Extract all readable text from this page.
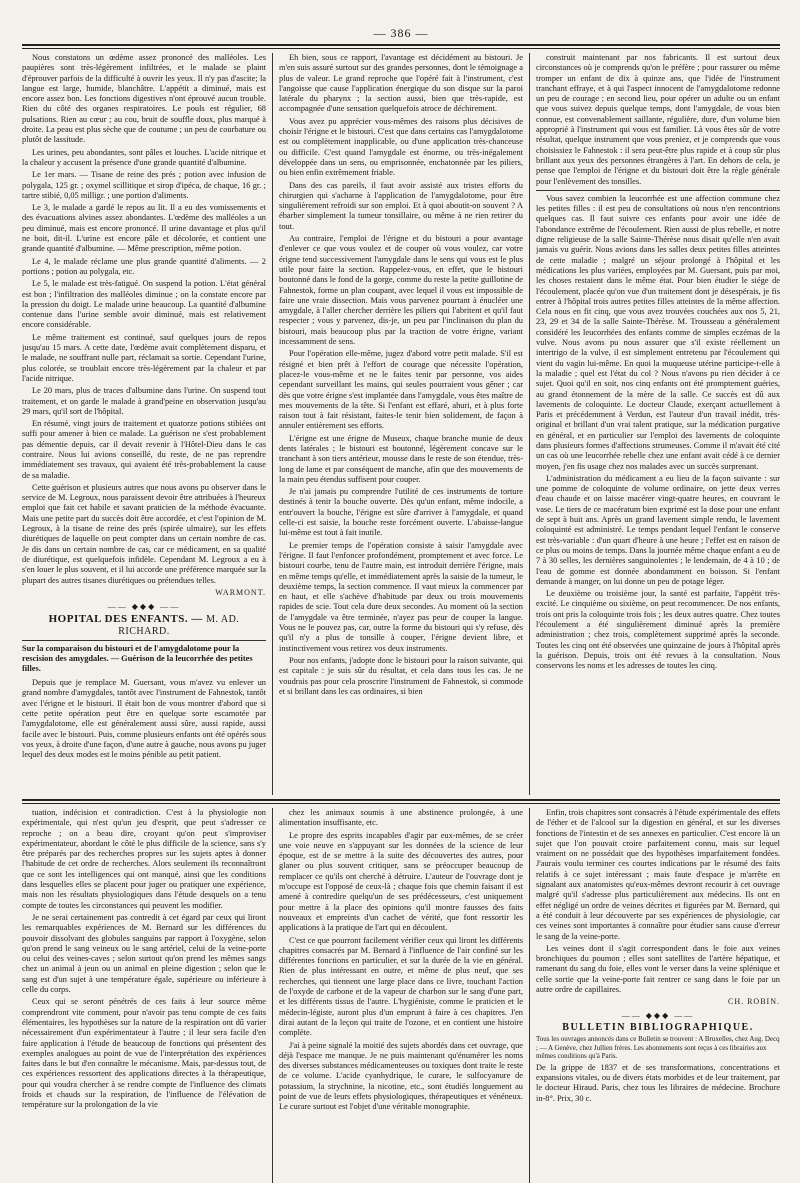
— 386 —

Nous constatons un œdème assez prononcé des malléoles. Les paupières sont très-légèrement infiltrées, et le malade se plaint d'éprouver parfois de la difficulté à ouvrir les yeux. Il n'y pas d'ascite; la langue est large, humide, blanchâtre. L'appétit a diminué, mais est encore assez bon. Les fonctions digestives n'ont éprouvé aucun trouble. Rien du côté des organes respiratoires. Le pouls est régulier, 68 pulsations. Rien au cœur ; au cou, bruit de souffle doux, plus marqué à droite. La peau est plus sèche que de coutume ; un peu de courbature ou plutôt de lassitude.

Les urines, peu abondantes, sont pâles et louches. L'acide nitrique et la chaleur y accusent la présence d'une grande quantité d'albumine.

Le 1er mars. — Tisane de reine des prés ; potion avec infusion de polygala, 125 gr. ; oxymel scillitique et sirop d'ipéca, de chaque, 16 gr. ; tartre stibié, 0,05 milligr. ; une portion d'aliments.

Le 3, le malade a gardé le repos au lit. Il a eu des vomissements et des évacuations alvines assez abondantes. L'œdème des malléoles a un peu diminué, mais est encore prononcé. Il urine davantage et plus qu'il ne boit, dit-il. L'urine est encore pâle et décolorée, et contient une grande quantité d'albumine. — Même prescription, même potion.

Le 4, le malade réclame une plus grande quantité d'aliments. — 2 portions ; potion au polygala, etc.

Le 5, le malade est très-fatigué. On suspend la potion. L'état général est bon ; l'infiltration des malléoles diminue ; on la constate encore par la pression du doigt. Le malade urine beaucoup. La quantité d'albumine contenue dans l'urine semble avoir diminué, mais est relativement encore considérable.

Le même traitement est continué, sauf quelques jours de repos jusqu'au 15 mars. A cette date, l'œdème avait complètement disparu, et le malade, ne souffrant nulle part, réclamait sa sortie. Cependant l'urine, plus colorée, se troublait encore très-légèrement par la chaleur et par l'acide nitrique.

Le 20 mars, plus de traces d'albumine dans l'urine. On suspend tout traitement, et on garde le malade à grand'peine en observation jusqu'au 29 mars, qu'il sort de l'hôpital.

En résumé, vingt jours de traitement et quatorze potions stibiées ont suffi pour amener à bien ce malade. La guérison ne s'est probablement pas démentie depuis, car il devait revenir à l'Hôtel-Dieu dans le cas contraire. Nous lui avions conseillé, du reste, de ne pas reprendre immédiatement ses travaux, qui avaient été très-probablement la cause de sa maladie.

Cette guérison et plusieurs autres que nous avons pu observer dans le service de M. Legroux, nous paraissent devoir être attribuées à l'heureux emploi que fait cet habile et savant praticien de la méthode évacuante. Mais une petite part du succès doit être accordée, et c'est l'opinion de M. Legroux, à la tisane de reine des prés (spirée ulmaire), sur les effets diurétiques de laquelle on peut compter dans un certain nombre de cas. Je dis dans un certain nombre de cas, car ce médicament, en sa qualité de diurétique, est quelquefois infidèle. Cependant M. Legroux a eu à s'en louer le plus souvent, et il lui accorde une préférence marquée sur la plupart des autres tisanes diurétiques ou prétendues telles.

WARMONT.
—— ◆◆◆ ——
HOPITAL DES ENFANTS. — M. AD. RICHARD.
Sur la comparaison du bistouri et de l'amygdalotome pour la rescision des amygdales. — Guérison de la leucorrhée des petites filles.

Depuis que je remplace M. Guersant, vous m'avez vu enlever un grand nombre d'amygdales, tantôt avec l'instrument de Fahnestok, tantôt avec l'érigne et le bistouri. Il était bon de vous montrer d'abord que si cette petite opération peut être en quelque sorte escamotée par l'amygdalotome, elle est généralement aussi sûre, aussi rapide, aussi facile avec le bistouri. Puis, comme plusieurs enfants ont été opérés sous vos yeux, à droite d'une façon, d'une autre à gauche, nous avons pu juger lequel des deux modes est le moins pénible au petit patient.

Eh bien, sous ce rapport, l'avantage est décidément au bistouri. Je m'en suis assuré surtout sur des grandes personnes, dont le témoignage a plus de valeur. Le grand reproche que l'opéré fait à l'instrument, c'est l'angoisse que cause l'application énergique du son disque sur la paroi latérale du pharynx ; la section aussi, bien que très-rapide, est accompagnée d'une sensation quelquefois atroce de déchirement.

Vous avez pu apprécier vous-mêmes des raisons plus décisives de choisir l'érigne et le bistouri. C'est que dans certains cas l'amygdalotome est ou complètement inapplicable, ou d'une application très-chanceuse ou difficile. C'est quand l'amygdale est énorme, ou très-inégalement développée dans un sens, ou emprisonnée, enchatonnée par les piliers, ou bien enfin extrêmement friable.

Dans des cas pareils, il faut avoir assisté aux tristes efforts du chirurgien qui s'acharne à l'application de l'amygdalotome, pour être singulièrement refroidi sur son emploi. Et à quoi aboutit-on souvent ? A ébarber simplement la tumeur tonsillaire, ou même à ne rien retirer du tout.

Au contraire, l'emploi de l'érigne et du bistouri a pour avantage d'enlever ce que vous voulez et de couper où vous voulez, car votre érigne tend successivement l'amygdale dans le sens qui vous est le plus utile pour faire la section. Rappelez-vous, en effet, que le bistouri boutonné dans le fond de la gorge, comme du reste la petite guillotine de Fahnestok, forme un plan coupant, avec lequel il vous est impossible de faire une vraie dissection. Mais vous parvenez pourtant à énucléer une amygdale, à l'aller chercher derrière les piliers qui l'abritent et qu'il faut respecter ; vous y parvenez, dis-je, un peu par l'inclinaison du plan du bistouri, mais beaucoup plus par la traction de votre érigne, variant incessamment de sens.

Pour l'opération elle-même, jugez d'abord votre petit malade. S'il est résigné et bien prêt à l'effort de courage que nécessite l'opération, placez-le vous-même et ne le faites tenir par personne, vos aides cependant surveillant les mains, qui seules pourraient vous gêner ; car dès que votre érigne s'est implantée dans l'amygdale, vous êtes maître de mes mouvements de la tête. Si l'enfant est effaré, ahuri, et à plus forte raison tout à fait résistant, faites-le tenir bien solidement, de façon à annuler entièrement ses efforts.

L'érigne est une érigne de Museux, chaque branche munie de deux dents latérales ; le bistouri est boutonné, légèrement concave sur le tranchant à son tiers antérieur, mousse dans le reste de son étendue, très-long de lame et par conséquent de manche, afin que des mouvements de la main peu étendus suffisent pour couper.

Je n'ai jamais pu comprendre l'utilité de ces instruments de torture destinés à tenir la bouche ouverte. Dès qu'un enfant, même indocile, a entr'ouvert la bouche, l'érigne est sûre d'arriver à l'amygdale, et quand celle-ci est saisie, la bouche reste forcément ouverte. L'abaisse-langue lui-même est tout à fait inutile.

Le premier temps de l'opération consiste à saisir l'amygdale avec l'érigne. Il faut l'enfoncer profondément, promptement et avec force. Le bistouri courbe, tenu de l'autre main, est introduit derrière l'érigne, mais en même temps qu'elle, et immédiatement après la saisie de la tumeur, le deuxième temps, la section commence. Il vaut mieux la commencer par en haut, et elle s'achève d'habitude par deux ou trois mouvements rapides de scie. Tout cela dure deux secondes. Au moment où la section de l'amygdale va être terminée, n'ayez pas peur de couper la langue. Vous ne le pouvez pas, car, outre la forme du bistouri qui s'y refuse, dès qu'il n'y a plus de tonsille à couper, l'érigne devient libre, et instinctivement vous retirez vos deux instruments.

Pour nos enfants, j'adopte donc le bistouri pour la raison suivante, qui est capitale : je suis sûr du résultat, et cela dans tous les cas. Je ne voudrais pas pour cela proscrire l'instrument de Fahnestok, si commode et si brillant dans les cas ordinaires, si bien

construit maintenant par nos fabricants. Il est surtout deux circonstances où je comprends qu'on le préfère ; pour rassurer ou même tromper un enfant de dix à quinze ans, que l'idée de l'instrument tranchant effraye, et à qui l'aspect innocent de l'amygdalotome redonne un peu de courage ; en second lieu, pour opérer un adulte ou un enfant que vous suivez depuis quelque temps, dont l'amygdale, de vous bien connue, est convenablement saillante, régulière, dure, d'un volume bien approprié à l'instrument qui vous est familier. Là vous êtes sûr de votre résultat, quelque instrument que vous preniez, et je comprends que vous choisissiez le Fahnestok : il sera peut-être plus rapide et à coup sûr plus brillant aux yeux des personnes étrangères à l'art. En dehors de cela, je pense que l'emploi de l'érigne et du bistouri doit être la règle générale pour l'enlèvement des tonsilles.

Vous savez combien la leucorrhée est une affection commune chez les petites filles : il est peu de consultations où nous n'en rencontrions quelques cas. Il faut suivre ces enfants pour avoir une idée de l'abondance extrême de l'écoulement. Rien aussi de plus rebelle, et notre digne religieuse de la salle Sainte-Thérèse nous disait qu'elle n'en avait jamais vu guérir. Nous avions dans les salles deux petites filles atteintes de cette maladie ; malgré un séjour prolongé à l'hôpital et les médications les plus variées, employées par M. Guersant, puis par moi, les choses restaient dans le même état. Pour bien étudier le siége de l'écoulement, placée qu'on vue d'un traitement dont je désespérais, je fis entrer à l'hôpital trois autres petites filles atteintes de la même affection. Cela nous en fit cinq, que vous avez trouvées couchées aux nos 5, 21, 23, 29 et 34 de la salle Sainte-Thérèse. M. Trousseau a généralement considéré les leucorrhées des enfants comme de simples eczémas de la vulve. Nous avons pu nous assurer que s'il existe réellement un intertrigo de la vulve, il est simplement entretenu par l'écoulement qui vient du vagin lui-même. En quoi la muqueuse utérine participe-t-elle à la maladie ; quel est l'état du col ? Nous n'avons pu rien décider à ce sujet. Quoi qu'il en soit, nos cinq enfants ont été promptement guéries, au grand étonnement de la mère de la salle. Ce succès est dû aux lavements de coloquinte. Le docteur Claude, exerçant actuellement à Paris et précédemment à Verdun, est l'auteur d'un travail inédit, très-original et brillant d'un vrai talent pratique, sur la médication purgative en général, et en particulier sur l'emploi des lavements de coloquinte dans plusieurs formes d'affections strumeuses. Comme il m'avait été cité un cas où une leucorrhée rebelle chez une enfant avait cédé à ce dernier moyen, j'en fis usage chez nos malades avec un succès surprenant.

L'administration du médicament a eu lieu de la façon suivante : sur une pomme de coloquinte de volume ordinaire, on jette deux verres d'eau chaude et on laisse macérer vingt-quatre heures, en couvrant le vase. Le tiers de ce macératum bien exprimé est la dose pour une enfant de sept à huit ans. Après un grand lavement simple rendu, le lavement coloquinté est administré. Le temps pendant lequel l'enfant le conserve est très-variable : d'un quart d'heure à une heure ; l'effet est en raison de ce plus ou moins de temps. Dans la journée même chaque enfant a eu de 7 à 30 selles, les dernières sanguinolentes ; le lendemain, de 4 à 10 ; de l'eau de gomme est donnée abondamment en boisson. Si l'enfant demande à manger, on lui donne un peu de potage léger.

Le deuxième ou troisième jour, la santé est parfaite, l'appétit très-excité. Le cinquième ou sixième, on peut recommencer. De nos enfants, trois ont pris la coloquinte trois fois ; les deux autres quatre. Chez toutes l'écoulement a été singulièrement diminué après la première administration ; chez trois, complètement supprimé après la seconde. Toutes les cinq ont été observées une quinzaine de jours à l'hôpital après la guérison. Depuis, trois ont été revues à la consultation. Nous conservons les noms et les adresses de toutes les cinq.

tuation, indécision et contradiction. C'est à la physiologie non expérimentale, qui n'est qu'un jeu d'esprit, que peut s'adresser ce reproche ; on a beau dire, croyant qu'on peut s'improviser expérimentateur, abordant le côté le plus difficile de la science, sans s'y être préparés par des recherches propres sur les sujets aptes à donner l'habitude de cet ordre de recherches. Alors seulement ils reconnaîtront que ce sont les intelligences qui ont manqué, ainsi que les conditions dans lesquelles elles se placent pour juger ou pratiquer une expérience, mais non les résultats physiologiques dans l'étude desquels on a tenu compte de toutes les circonstances qui peuvent les modifier.

Je ne serai certainement pas contredit à cet égard par ceux qui liront les remarquables expériences de M. Bernard sur les différences du pouvoir dissolvant des globules sanguins par rapport à l'oxygène, selon qu'on prend le sang veineux ou le sang artériel, celui de la veine-porte ou celui des veines-caves ; selon surtout qu'on prend les mêmes sangs chez un animal à jeun ou un animal en pleine digestion ; selon que le sang est d'un sujet à une température égale, supérieure ou inférieure à celle du corps.

Ceux qui se seront pénétrés de ces faits à leur source même comprendront vite comment, pour n'avoir pas tenu compte de ces faits élémentaires, les hypothèses sur la nature de la respiration ont dû varier nécessairement d'un expérimentateur à l'autre ; il leur sera facile d'en faire application à l'étude de beaucoup de fonctions qui présentent des exemples analogues au point de vue de l'interprétation des expériences faites dans le but d'en connaître le mécanisme. Mais, par-dessus tout, de ces expériences ressortent des applications directes à la thérapeutique, pour qui voudra chercher à se rendre compte de l'influence des climats froids et chauds sur la respiration, de l'influence de l'élévation de température sur la prolongation de la vie

chez les animaux soumis à une abstinence prolongée, à une alimentation insuffisante, etc.

Le propre des esprits incapables d'agir par eux-mêmes, de se créer une voie neuve en s'appuyant sur les données de la science de leur époque, est de se mettre à la suite des découvertes des autres, pour glaner ou plus souvent critiquer, sans se préoccuper beaucoup de remplacer ce qu'ils ont cherché à détruire. L'auteur de l'ouvrage dont je m'occupe est l'opposé de ceux-là ; chaque fois que chemin faisant il est amené à contredire quelqu'un de ses prédécesseurs, c'est uniquement pour mettre à la place des opinions qu'il montre fausses des faits nouveaux et empreints d'un cachet de vérité, que font ressortir les applications à la pratique de l'art qui en découlent.

C'est ce que pourront facilement vérifier ceux qui liront les différents chapitres consacrés par M. Bernard à l'influence de l'air confiné sur les différentes fonctions en particulier, et sur la durée de la vie en général. Rien de plus intéressant en outre, et même de plus neuf, que ses recherches, qui tiennent une large place dans ce livre, touchant l'action de l'oxyde de carbone et de la vapeur de charbon sur le sang d'une part, et les différents tissus de l'autre. L'hygiéniste, comme le praticien et le médecin-légiste, auront plus d'un emprunt à faire à ces chapitres. J'en dirai autant de la leçon qui traite de l'ozone, et en contient une histoire complète.

J'ai à peine signalé la moitié des sujets abordés dans cet ouvrage, que déjà l'espace me manque. Je ne puis maintenant qu'énumérer les noms des diverses substances médicamenteuses ou toxiques dont traite le reste de ce volume. L'acide cyanhydrique, le curare, le sulfocyanure de potassium, la strychnine, la nicotine, etc., sont étudiés longuement au point de vue de leurs effets physiologiques, thérapeutiques et vénéneux. Le curare surtout est l'objet d'une véritable monographie.

Enfin, trois chapitres sont consacrés à l'étude expérimentale des effets de l'éther et de l'alcool sur la digestion en général, et sur les diverses fonctions de l'intestin et de ses annexes en particulier. C'est encore là un sujet que l'on pouvait croire parfaitement connu, mais sur lequel vraiment on ne possédait que des hypothèses imparfaitement fondées. J'aurais voulu terminer ces courtes indications par le résumé des faits relatifs à ce sujet intéressant ; mais faute d'espace je m'arrête en signalant aux anatomistes qu'eux-mêmes devront recourir à cet ouvrage malgré qu'il s'adresse plus particulièrement aux médecins. Ils ont en effet négligé un ordre de veines décrites et figurées par M. Bernard, qui a été conduit à leur découverte par ses expériences de physiologie, car ces veines sont importantes à connaître pour étudier sans cause d'erreur le sang de la veine-porte.

Les veines dont il s'agit correspondent dans le foie aux veines bronchiques du poumon ; elles sont satellites de l'artère hépatique, et ramenant du sang du foie, elles vont le verser dans la veine splénique et celle sortie que la veine-porte fait rentrer ce sang dans le foie par un autre ordre de capillaires.

CH. ROBIN.
—— ◆◆◆ ——
BULLETIN BIBLIOGRAPHIQUE.

Tous les ouvrages annoncés dans ce Bulletin se trouvent : A Bruxelles, chez Aug. Decq ; — A Genève, chez Jullien frères. Les abonnements sont reçus à ces librairies aux mêmes conditions qu'à Paris.

De la grippe de 1837 et de ses transformations, concentrations et expansions vitales, ou de divers états morbides et de leur traitement, par le docteur Hiraud. Paris, chez tous les libraires de médecine. Brochure in-8°. Prix, 30 c.
